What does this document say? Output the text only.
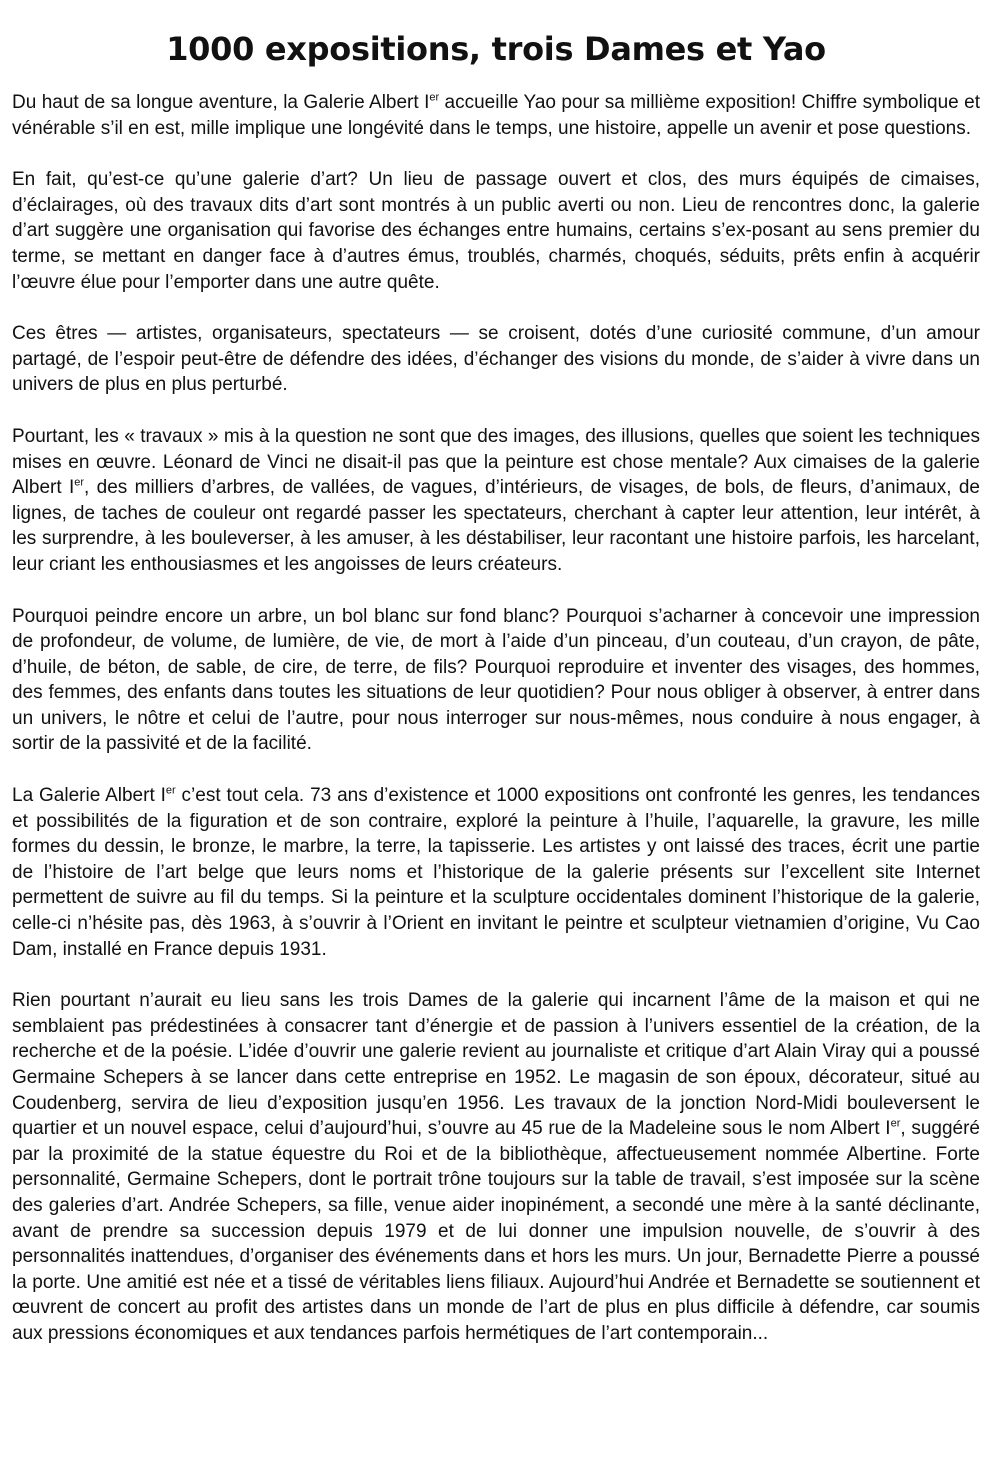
1000 expositions, trois Dames et Yao

Du haut de sa longue aventure, la Galerie Albert Ier accueille Yao pour sa millième exposition! Chiffre symbolique et vénérable s’il en est, mille implique une longévité dans le temps, une histoire, appelle un avenir et pose questions.

En fait, qu’est-ce qu’une galerie d’art? Un lieu de passage ouvert et clos, des murs équipés de cimaises, d’éclairages, où des travaux dits d’art sont montrés à un public averti ou non. Lieu de rencontres donc, la galerie d’art suggère une organisation qui favorise des échanges entre humains, certains s’ex-posant au sens premier du terme, se mettant en danger face à d’autres émus, troublés, charmés, choqués, séduits, prêts enfin à acquérir l’œuvre élue pour l’emporter dans une autre quête.

Ces êtres — artistes, organisateurs, spectateurs — se croisent, dotés d’une curiosité commune, d’un amour partagé, de l’espoir peut-être de défendre des idées, d’échanger des visions du monde, de s’aider à vivre dans un univers de plus en plus perturbé.

Pourtant, les « travaux » mis à la question ne sont que des images, des illusions, quelles que soient les techniques mises en œuvre. Léonard de Vinci ne disait-il pas que la peinture est chose mentale? Aux cimaises de la galerie Albert Ier, des milliers d’arbres, de vallées, de vagues, d’intérieurs, de visages, de bols, de fleurs, d’animaux, de lignes, de taches de couleur ont regardé passer les spectateurs, cherchant à capter leur attention, leur intérêt, à les surprendre, à les bouleverser, à les amuser, à les déstabiliser, leur racontant une histoire parfois, les harcelant, leur criant les enthousiasmes et les angoisses de leurs créateurs.

Pourquoi peindre encore un arbre, un bol blanc sur fond blanc? Pourquoi s’acharner à concevoir une impression de profondeur, de volume, de lumière, de vie, de mort à l’aide d’un pinceau, d’un couteau, d’un crayon, de pâte, d’huile, de béton, de sable, de cire, de terre, de fils? Pourquoi reproduire et inventer des visages, des hommes, des femmes, des enfants dans toutes les situations de leur quotidien? Pour nous obliger à observer, à entrer dans un univers, le nôtre et celui de l’autre, pour nous interroger sur nous-mêmes, nous conduire à nous engager, à sortir de la passivité et de la facilité.

La Galerie Albert Ier c’est tout cela. 73 ans d’existence et 1000 expositions ont confronté les genres, les tendances et possibilités de la figuration et de son contraire, exploré la peinture à l’huile, l’aquarelle, la gravure, les mille formes du dessin, le bronze, le marbre, la terre, la tapisserie. Les artistes y ont laissé des traces, écrit une partie de l’histoire de l’art belge que leurs noms et l’historique de la galerie présents sur l’excellent site Internet permettent de suivre au fil du temps. Si la peinture et la sculpture occidentales dominent l’historique de la galerie, celle-ci n’hésite pas, dès 1963, à s’ouvrir à l’Orient en invitant le peintre et sculpteur vietnamien d’origine, Vu Cao Dam, installé en France depuis 1931.

Rien pourtant n’aurait eu lieu sans les trois Dames de la galerie qui incarnent l’âme de la maison et qui ne semblaient pas prédestinées à consacrer tant d’énergie et de passion à l’univers essentiel de la création, de la recherche et de la poésie. L’idée d’ouvrir une galerie revient au journaliste et critique d’art Alain Viray qui a poussé Germaine Schepers à se lancer dans cette entreprise en 1952. Le magasin de son époux, décorateur, situé au Coudenberg, servira de lieu d’exposition jusqu’en 1956. Les travaux de la jonction Nord-Midi bouleversent le quartier et un nouvel espace, celui d’aujourd’hui, s’ouvre au 45 rue de la Madeleine sous le nom Albert Ier, suggéré par la proximité de la statue équestre du Roi et de la bibliothèque, affectueusement nommée Albertine. Forte personnalité, Germaine Schepers, dont le portrait trône toujours sur la table de travail, s’est imposée sur la scène des galeries d’art. Andrée Schepers, sa fille, venue aider inopinément, a secondé une mère à la santé déclinante, avant de prendre sa succession depuis 1979 et de lui donner une impulsion nouvelle, de s’ouvrir à des personnalités inattendues, d’organiser des événements dans et hors les murs. Un jour, Bernadette Pierre a poussé la porte. Une amitié est née et a tissé de véritables liens filiaux. Aujourd’hui Andrée et Bernadette se soutiennent et œuvrent de concert au profit des artistes dans un monde de l’art de plus en plus difficile à défendre, car soumis aux pressions économiques et aux tendances parfois hermétiques de l’art contemporain...
